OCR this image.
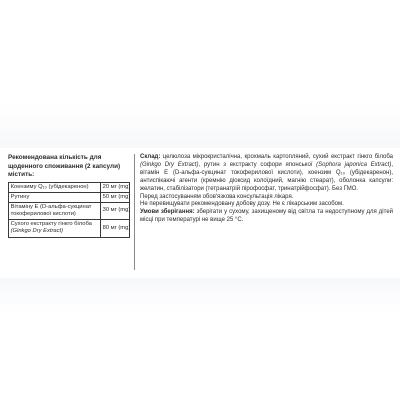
Рекомендована кількість для щоденного споживання (2 капсули) містить:
Коензиму Q₁₀ (убідекаренон)	20 мг (mg)
Рутину	50 мг (mg)
Вітаміну Е (D-альфа-сукцинат токоферилової кислоти)	30 мг (mg)
Сухого екстракту гінкго білоба (Ginkgo Dry Extract)	80 мг (mg)

Склад: целюлоза мікрокристалічна, крохмаль картопляний, сухий екстракт гінкго білоба (Ginkgo Dry Extract), рутин з екстракту софори японської (Sophora japonica Extract), вітамін Е (D-альфа-сукцинат токоферилової кислоти), коензим Q₁₀ (убідекаренон), антиспікаючі агенти (кремнію діоксид колоїдний, магнію стеарат), оболонка капсули: желатин, стабілізатори (тетранатрій пірофосфат, тринатрійфосфат). Без ГМО.

Перед застосуванням обов'язкова консультація лікаря.

Не перевищувати рекомендовану добову дозу. Не є лікарським засобом.

Умови зберігання: зберігати у сухому, захищеному від світла та недоступному для дітей місці при температурі не вище 25 °С.
